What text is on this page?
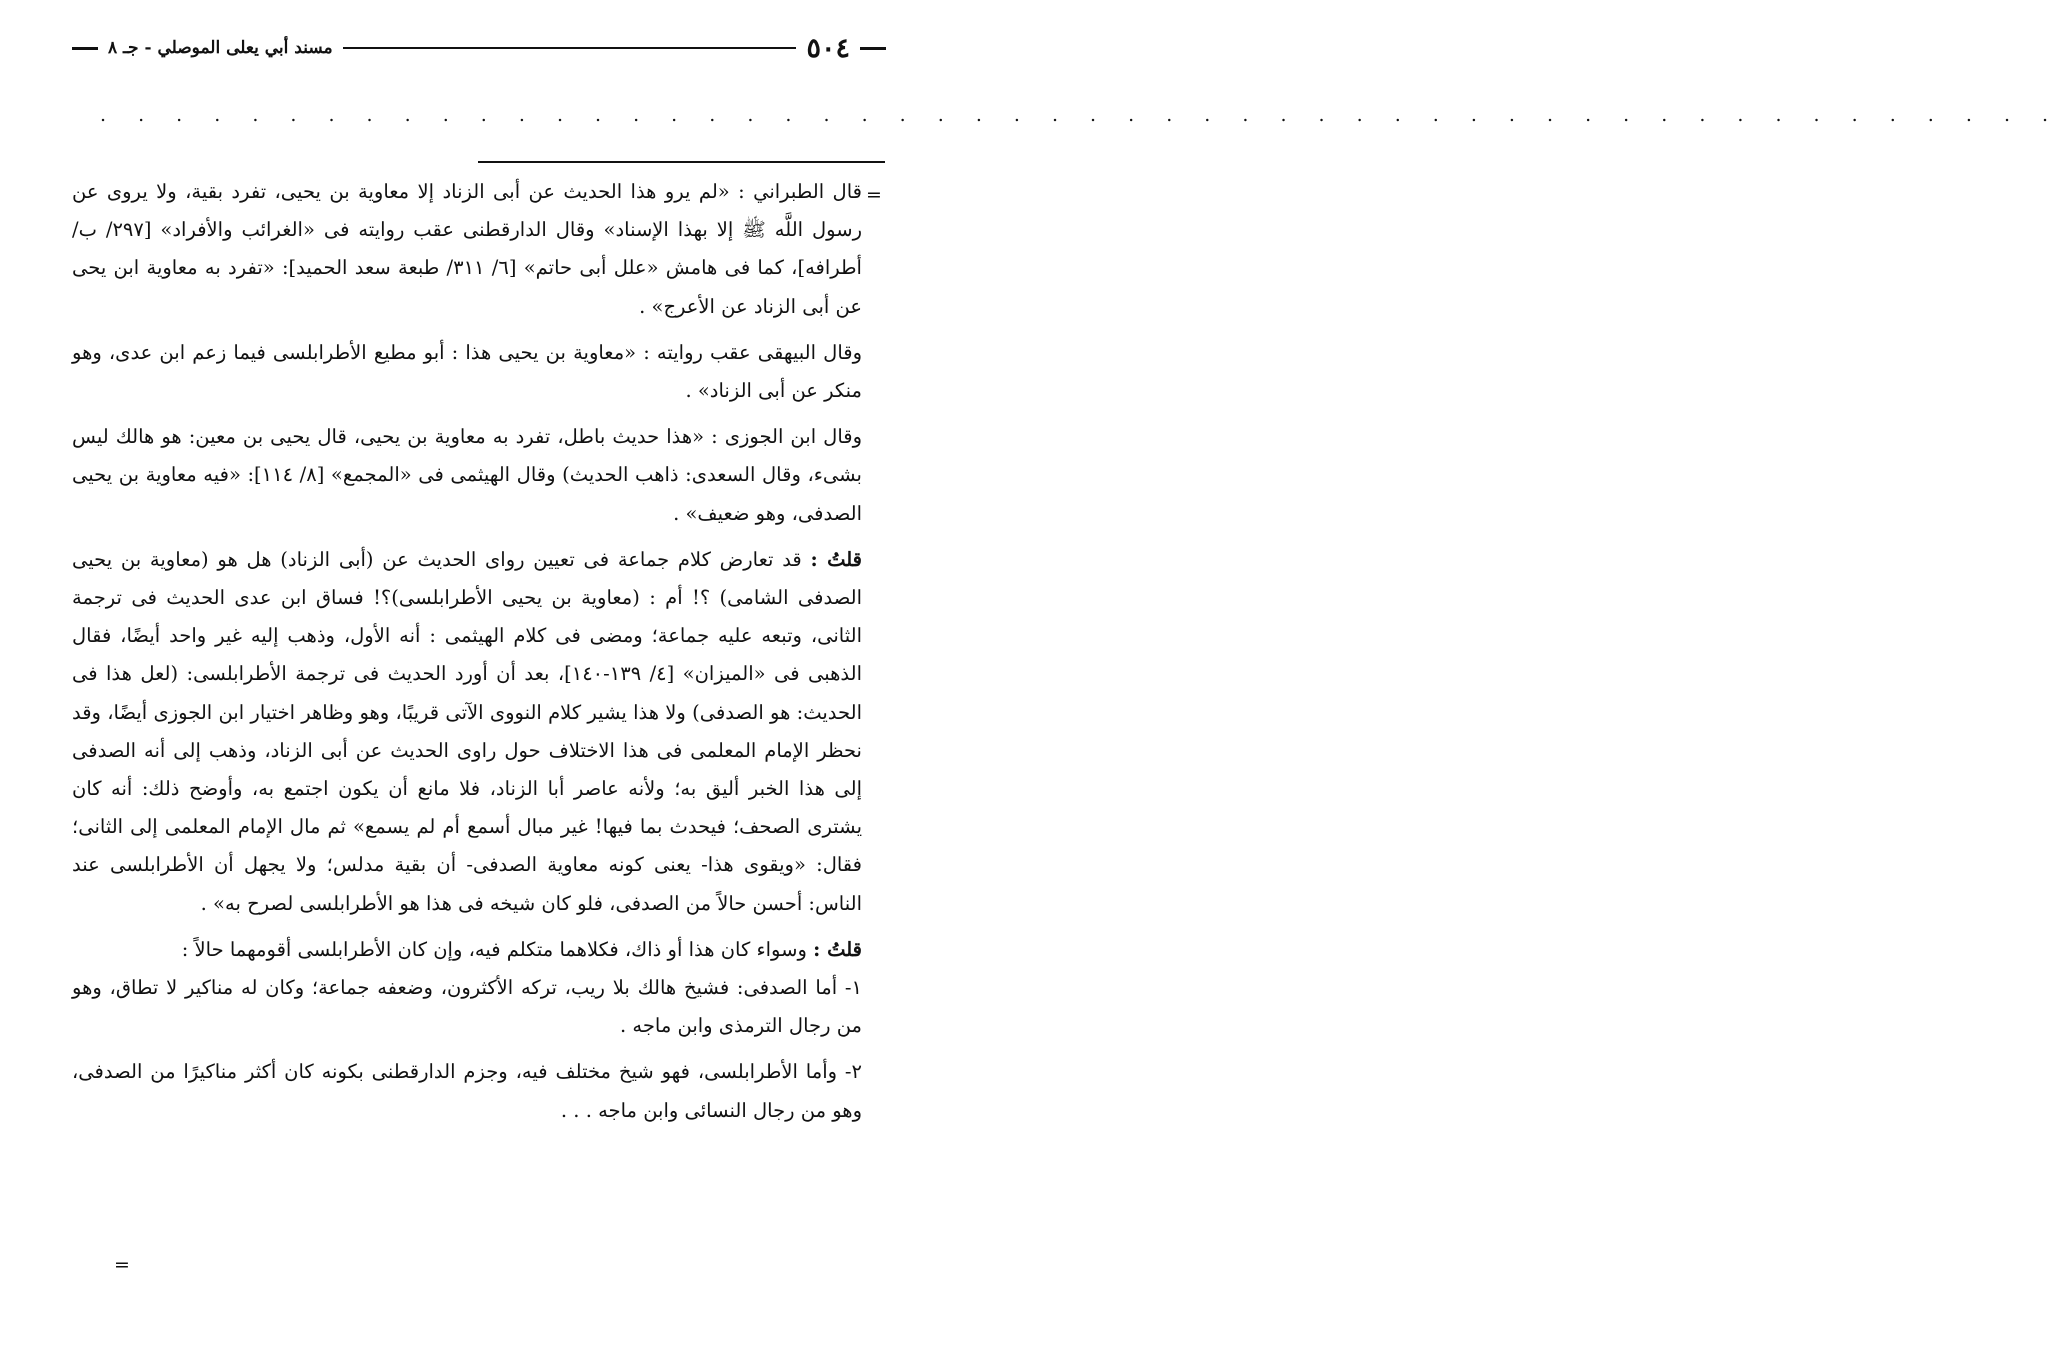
٥٠٤
مسند أبي يعلى الموصلي - جـ ٨
. . . . . . . . . . . . . . . . . . . . . . . . . . . . . . . . . . . . . . . . . . . . . . . . . . . .
=

قال الطبراني : «لم يرو هذا الحديث عن أبى الزناد إلا معاوية بن يحيى، تفرد بقية، ولا يروى عن رسول اللَّه ﷺ إلا بهذا الإسناد» وقال الدارقطنى عقب روايته فى «الغرائب والأفراد» [٢٩٧/ ب/ أطرافه]، كما فى هامش «علل أبى حاتم» [٦/ ٣١١/ طبعة سعد الحميد]: «تفرد به معاوية ابن يحى عن أبى الزناد عن الأعرج» .

وقال البيهقى عقب روايته : «معاوية بن يحيى هذا : أبو مطيع الأطرابلسى فيما زعم ابن عدى، وهو منكر عن أبى الزناد» .

وقال ابن الجوزى : «هذا حديث باطل، تفرد به معاوية بن يحيى، قال يحيى بن معين: هو هالك ليس بشىء، وقال السعدى: ذاهب الحديث) وقال الهيثمى فى «المجمع» [٨/ ١١٤]: «فيه معاوية بن يحيى الصدفى، وهو ضعيف» .

قلتُ : قد تعارض كلام جماعة فى تعيين رواى الحديث عن (أبى الزناد) هل هو (معاوية بن يحيى الصدفى الشامى) ؟! أم : (معاوية بن يحيى الأطرابلسى)؟! فساق ابن عدى الحديث فى ترجمة الثانى، وتبعه عليه جماعة؛ ومضى فى كلام الهيثمى : أنه الأول، وذهب إليه غير واحد أيضًا، فقال الذهبى فى «الميزان» [٤/ ١٣٩-١٤٠]، بعد أن أورد الحديث فى ترجمة الأطرابلسى: (لعل هذا فى الحديث: هو الصدفى) ولا هذا يشير كلام النووى الآتى قريبًا، وهو وظاهر اختيار ابن الجوزى أيضًا، وقد نحظر الإمام المعلمى فى هذا الاختلاف حول راوى الحديث عن أبى الزناد، وذهب إلى أنه الصدفى إلى هذا الخبر أليق به؛ ولأنه عاصر أبا الزناد، فلا مانع أن يكون اجتمع به، وأوضح ذلك: أنه كان يشترى الصحف؛ فيحدث بما فيها! غير مبال أسمع أم لم يسمع» ثم مال الإمام المعلمى إلى الثانى؛ فقال: «ويقوى هذا- يعنى كونه معاوية الصدفى- أن بقية مدلس؛ ولا يجهل أن الأطرابلسى عند الناس: أحسن حالاً من الصدفى، فلو كان شيخه فى هذا هو الأطرابلسى لصرح به» .

قلتُ : وسواء كان هذا أو ذاك، فكلاهما متكلم فيه، وإن كان الأطرابلسى أقومهما حالاً :

١- أما الصدفى: فشيخ هالك بلا ريب، تركه الأكثرون، وضعفه جماعة؛ وكان له مناكير لا تطاق، وهو من رجال الترمذى وابن ماجه .

٢- وأما الأطرابلسى، فهو شيخ مختلف فيه، وجزم الدارقطنى بكونه كان أكثر مناكيرًا من الصدفى، وهو من رجال النسائى وابن ماجه . . .

=
